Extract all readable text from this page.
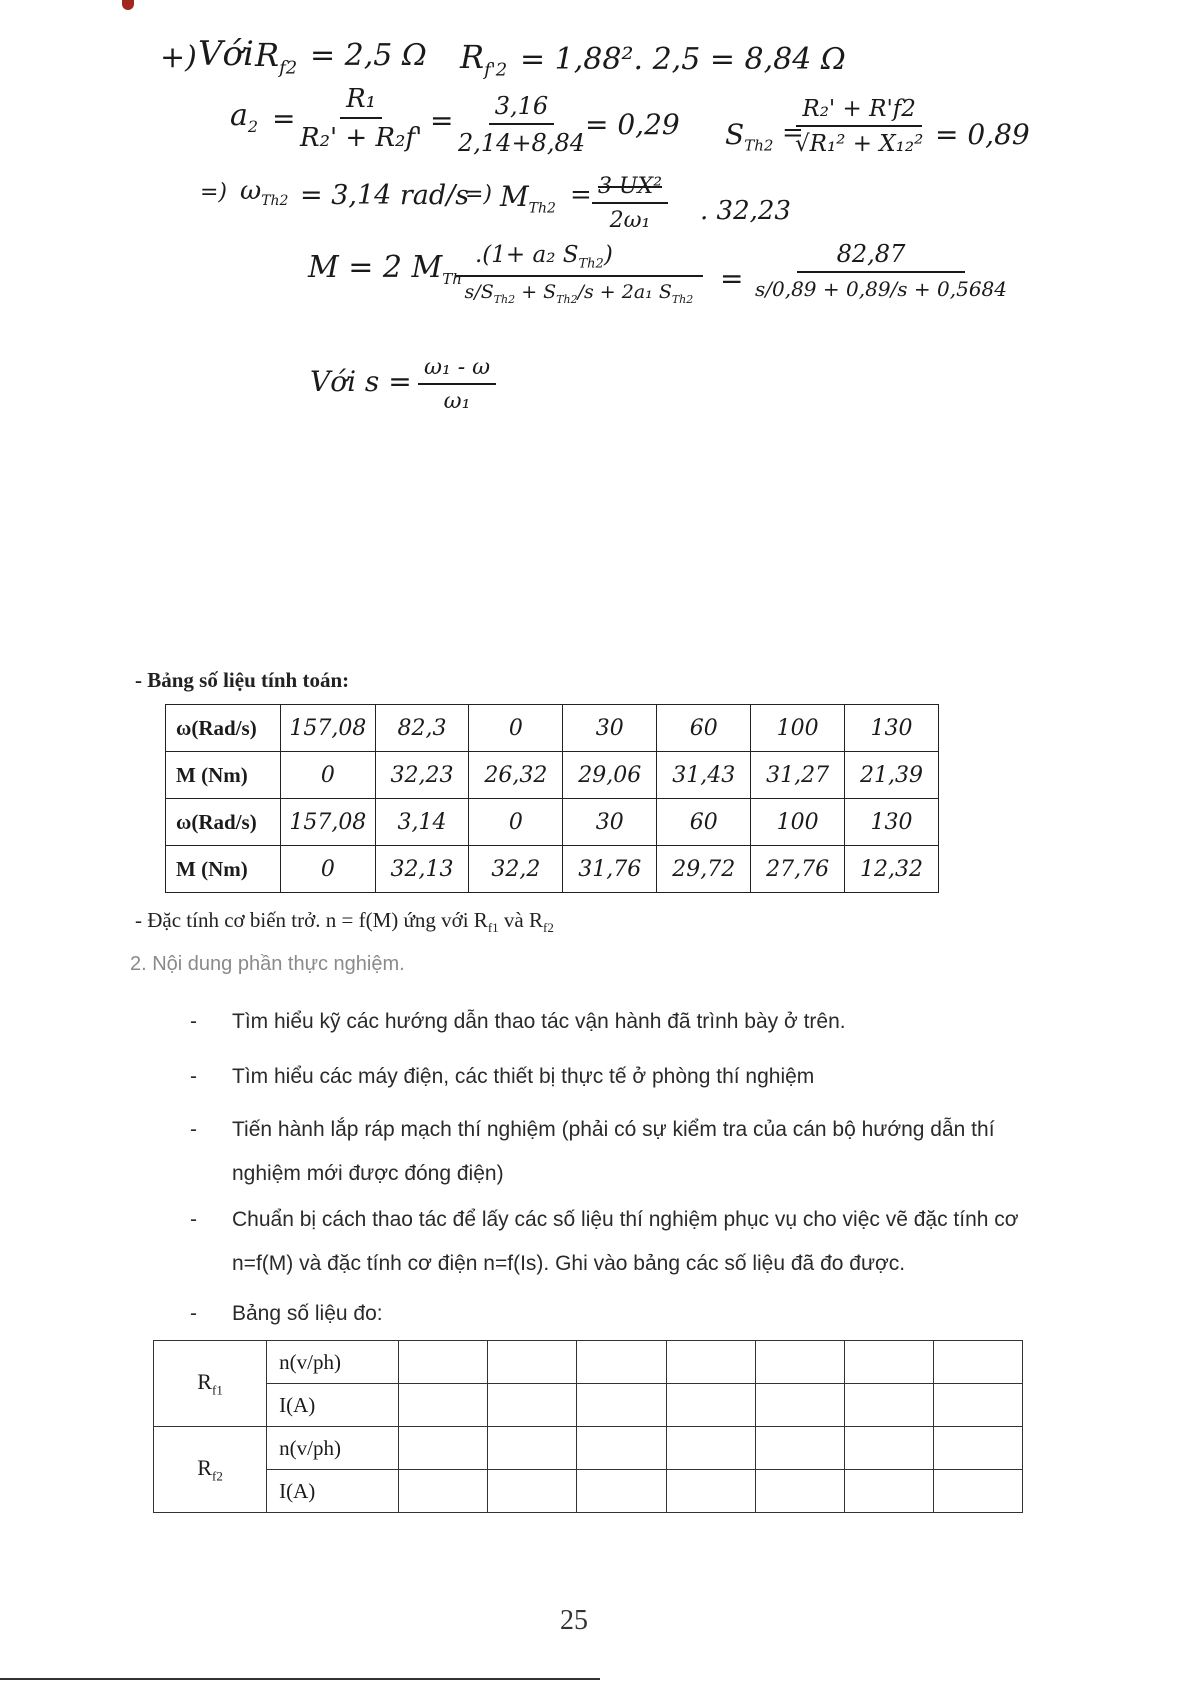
+) Với $R_{f2} = 2,5$ Ω $R_{f'2} = 1,88^2$. 2,5 = 8,84 Ω
$a_2 = \frac{\text{R₁}}{\text{R₂' + R₂f'}} = \frac{3,16}{2,14+8,84} = 0,29$ $S_{Th2}$ =
$\frac{\text{R₂' + R'f2}}{\text{√R₁² + X₁₂²}} = 0,89$
=) $\omega_{Th2} = 3,14$ rad/s
=) $M_{Th2} = \frac{\text{3 UX²}}{\text{2ω₁}}$ . 32,23
M = 2 $M_{Th}$
.(1+ a₂ $S_{Th2}$)
$s/S_{Th2} + S_{Th2}/s + 2a_1$ $S_{Th2}$
=
82,87
s/0,89 + 0,89/s + 0,5684
Với $s = \frac{\text{ω₁ - ω}}{\text{ω₁}}$
- Bảng số liệu tính toán:
ω(Rad/s)	157,08	82,3	0	30	60	100	130
M (Nm)	0	32,23	26,32	29,06	31,43	31,27	21,39
ω(Rad/s)	157,08	3,14	0	30	60	100	130
M (Nm)	0	32,13	32,2	31,76	29,72	27,76	12,32
- Đặc tính cơ biến trở. n = f(M) ứng với $R_{f1}$ và $R_{f2}$
2. Nội dung phần thực nghiệm.
- Tìm hiểu kỹ các hướng dẫn thao tác vận hành đã trình bày ở trên.
- Tìm hiểu các máy điện, các thiết bị thực tế ở phòng thí nghiệm
- Tiến hành lắp ráp mạch thí nghiệm (phải có sự kiểm tra của cán bộ hướng dẫn thí nghiệm mới được đóng điện)
- Chuẩn bị cách thao tác để lấy các số liệu thí nghiệm phục vụ cho việc vẽ đặc tính cơ n=f(M) và đặc tính cơ điện n=f(Is). Ghi vào bảng các số liệu đã đo được.
- Bảng số liệu đo:
$R_{f1}$	n(v/ph)							
	I(A)							
$R_{f2}$	n(v/ph)							
	I(A)							
25
